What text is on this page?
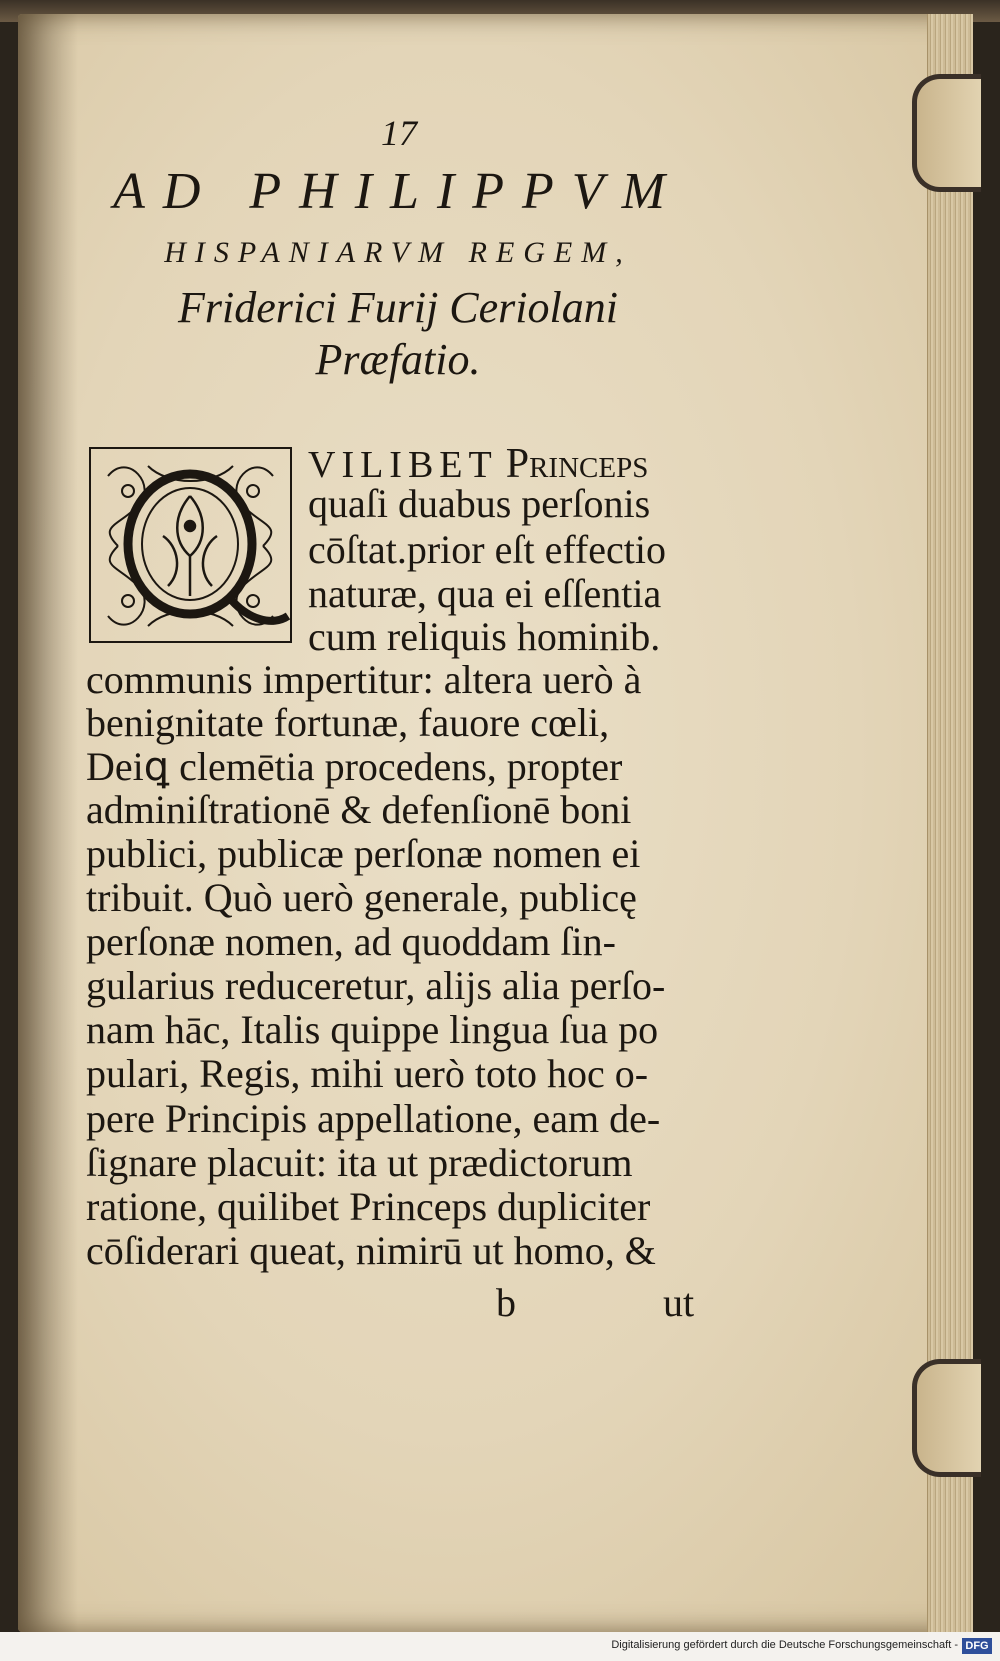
17
AD PHILIPPVM
HISPANIARVM REGEM,
Friderici Furij Ceriolani
Præfatio.
VILIBET Princeps
quaſi duabus perſonis
cōſtat.prior eſt effectio
naturæ, qua ei eſſentia
cum reliquis hominib.
communis impertitur: altera uerò à
benignitate fortunæ, fauore cœli,
Deiꝗ clemētia procedens, propter
adminiſtrationē & defenſionē boni
publici, publicæ perſonæ nomen ei
tribuit. Quò uerò generale, publicę
perſonæ nomen, ad quoddam ſin-
gularius reduceretur, aliјs alia perſo-
nam hāc, Italis quippe lingua ſua po
pulari, Regis, mihi uerò toto hoc o-
pere Principis appellatione, eam de-
ſignare placuit: ita ut prædictorum
ratione, quilibet Princeps dupliciter
cōſiderari queat, nimirū ut homo, &
b	ut
Digitalisierung gefördert durch die Deutsche Forschungsgemeinschaft - DFG
